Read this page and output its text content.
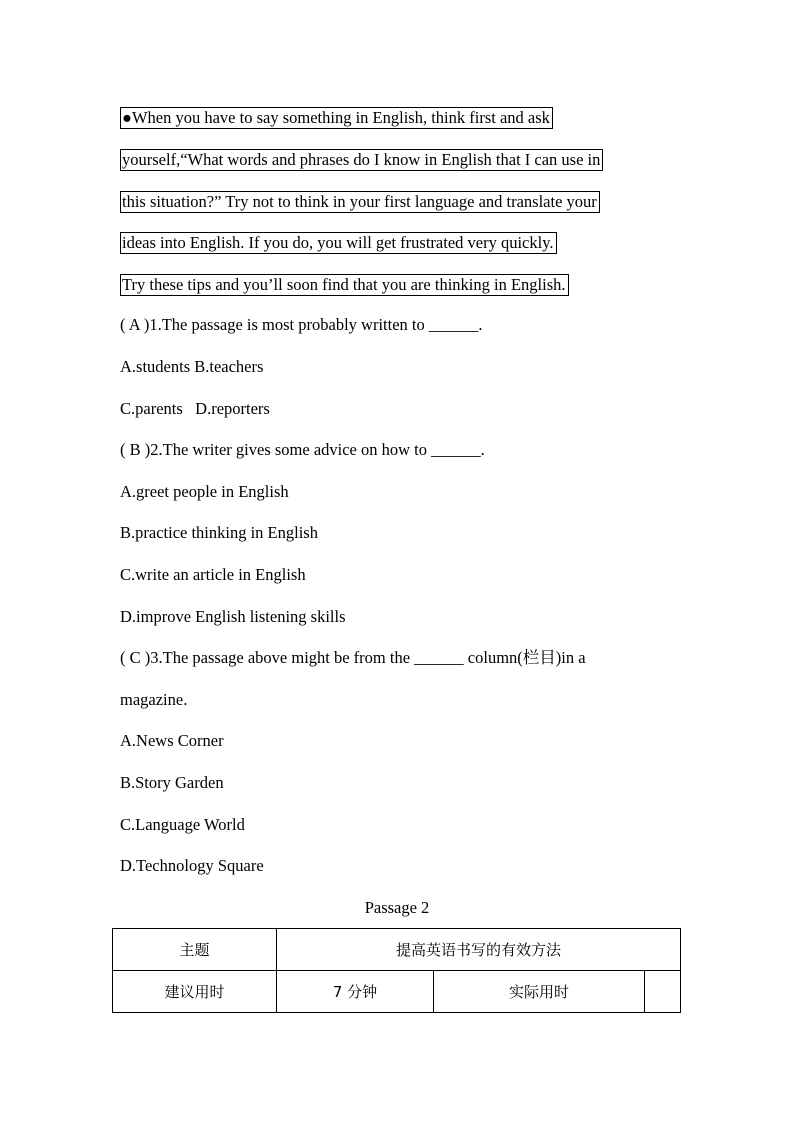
●When you have to say something in English, think first and ask
yourself,“What words and phrases do I know in English that I can use in
this situation?” Try not to think in your first language and translate your
ideas into English. If you do, you will get frustrated very quickly.
Try these tips and you’ll soon find that you are thinking in English.
( A )1.The passage is most probably written to ______.
A.students B.teachers
C.parents   D.reporters
( B )2.The writer gives some advice on how to ______.
A.greet people in English
B.practice thinking in English
C.write an article in English
D.improve English listening skills
( C )3.The passage above might be from the ______ column(栏目)in a
magazine.
A.News Corner
B.Story Garden
C.Language World
D.Technology Square
Passage 2
主题	提高英语书写的有效方法		
建议用时	7 分钟	实际用时	
